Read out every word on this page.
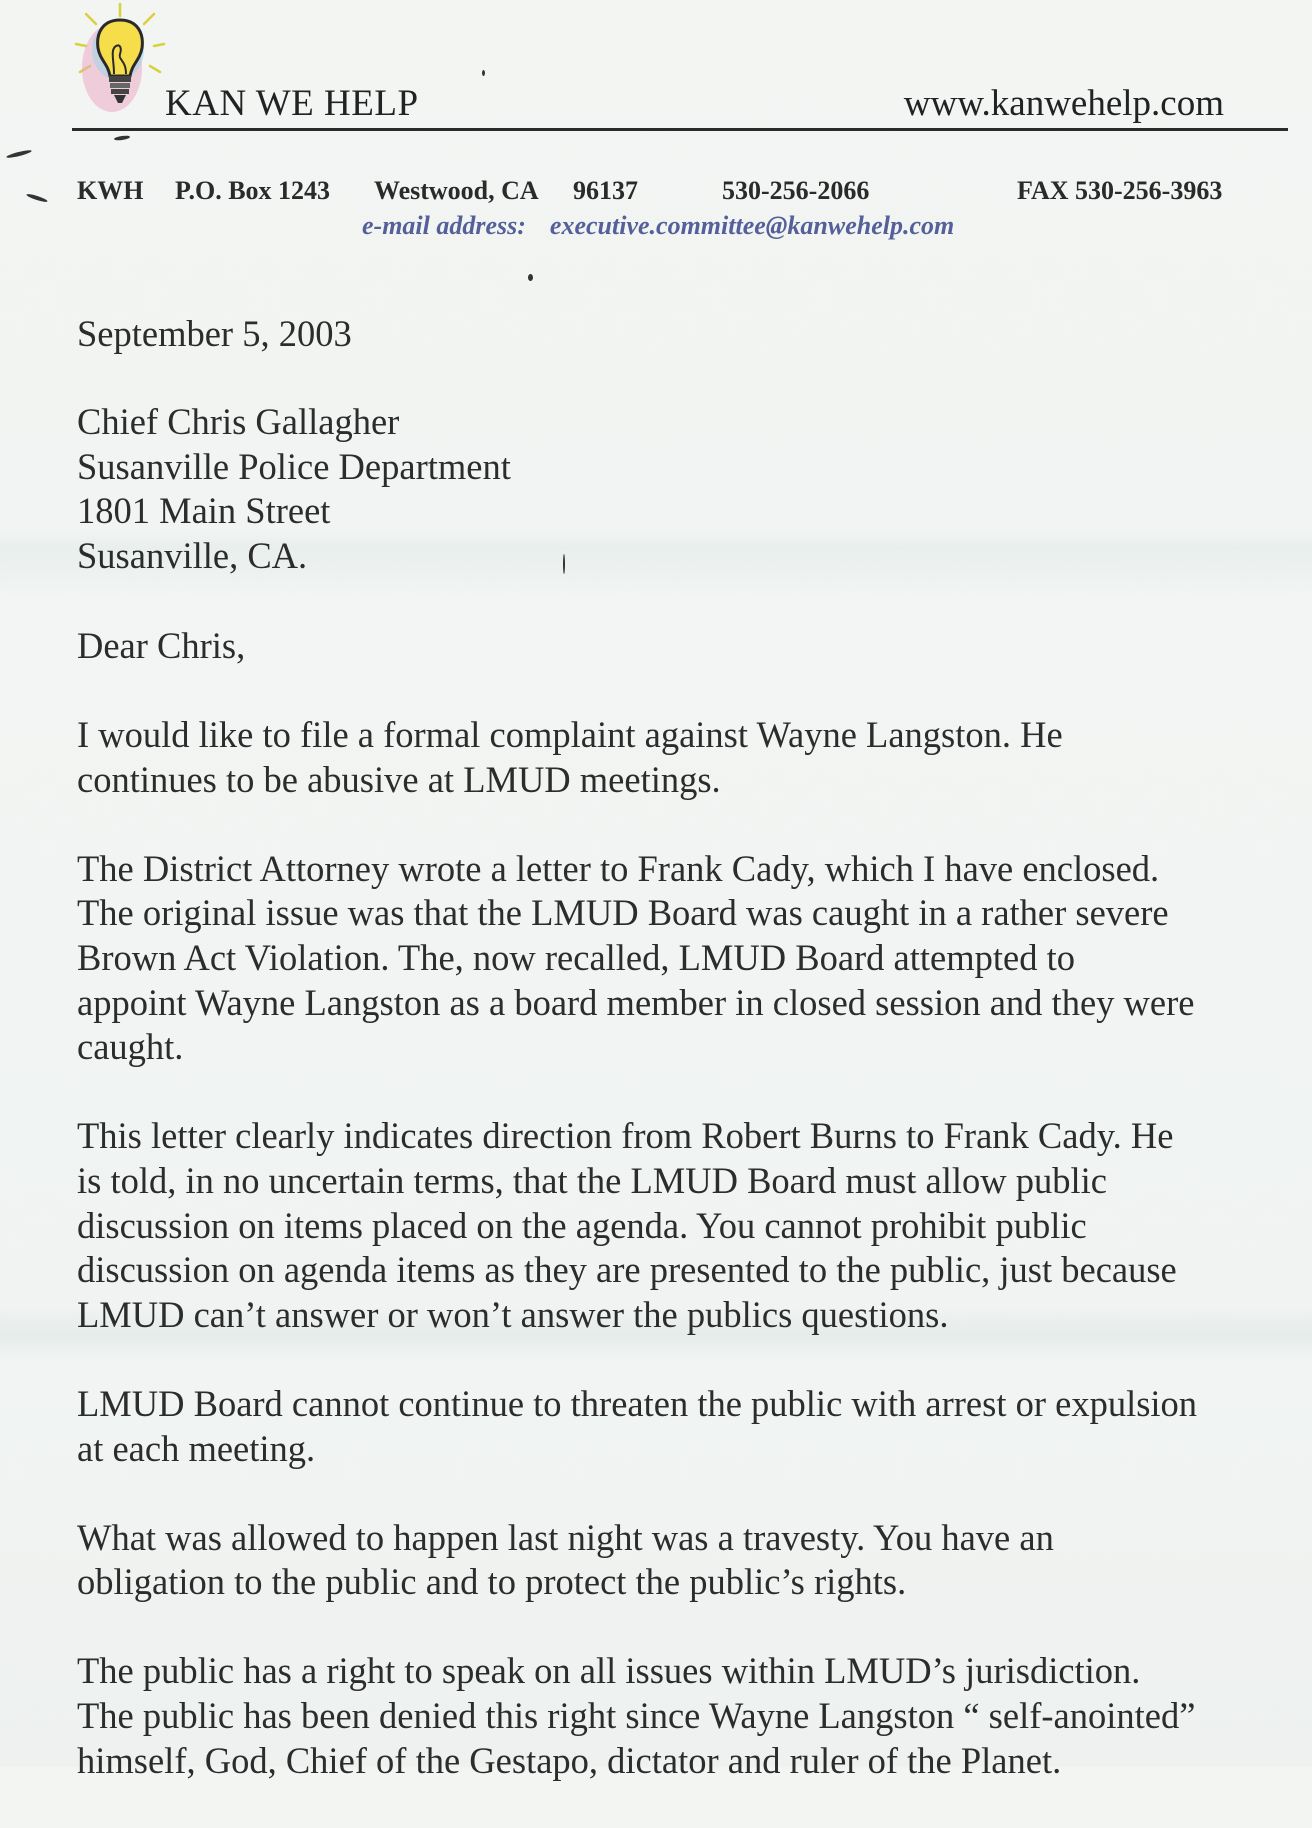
KAN WE HELP	www.kanwehelp.com
KWH P.O. Box 1243 Westwood, CA 96137	530-256-2066	FAX 530-256-3963
e-mail address: executive.committee@kanwehelp.com
September 5, 2003
Chief Chris Gallagher
Susanville Police Department
1801 Main Street
Susanville, CA.
Dear Chris,
I would like to file a formal complaint against Wayne Langston. He
continues to be abusive at LMUD meetings.
The District Attorney wrote a letter to Frank Cady, which I have enclosed.
The original issue was that the LMUD Board was caught in a rather severe
Brown Act Violation. The, now recalled, LMUD Board attempted to
appoint Wayne Langston as a board member in closed session and they were
caught.
This letter clearly indicates direction from Robert Burns to Frank Cady. He
is told, in no uncertain terms, that the LMUD Board must allow public
discussion on items placed on the agenda. You cannot prohibit public
discussion on agenda items as they are presented to the public, just because
LMUD can’t answer or won’t answer the publics questions.
LMUD Board cannot continue to threaten the public with arrest or expulsion
at each meeting.
What was allowed to happen last night was a travesty. You have an
obligation to the public and to protect the public’s rights.
The public has a right to speak on all issues within LMUD’s jurisdiction.
The public has been denied this right since Wayne Langston “ self-anointed”
himself, God, Chief of the Gestapo, dictator and ruler of the Planet.
